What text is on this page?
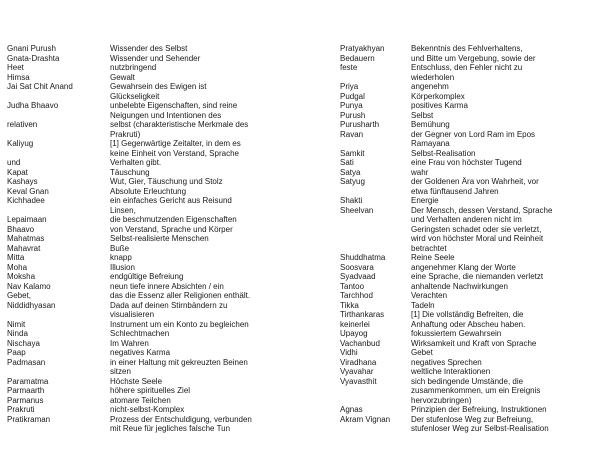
Gnani Purush	Wissender des Selbst
Gnata-Drashta	Wissender und Sehender
Heet	nutzbringend
Himsa	Gewalt
Jai Sat Chit Anand	Gewahrsein des Ewigen ist
Glückseligkeit
Judha Bhaavo	unbelebte Eigenschaften, sind reine
Neigungen und Intentionen des
relativen	selbst (charakteristische Merkmale des
Prakruti)
Kaliyug	[1] Gegenwärtige Zeitalter, in dem es
keine Einheit von Verstand, Sprache
und	Verhalten gibt.
Kapat	Täuschung
Kashays	Wut, Gier, Täuschung und Stolz
Keval Gnan	Absolute Erleuchtung
Kichhadee	ein einfaches Gericht aus Reisund
Linsen,
Lepaimaan	die beschmutzenden Eigenschaften
Bhaavo	von Verstand, Sprache und Körper
Mahatmas	Selbst-realisierte Menschen
Mahavrat	Buße
Mitta	knapp
Moha	Illusion
Moksha	endgültige Befreiung
Nav Kalamo	neun tiefe innere Absichten / ein
Gebet,	das die Essenz aller Religionen enthält.
Niddidhyasan	Dada auf deinen Stirnbändern zu
visualisieren
Nimit	Instrument um ein Konto zu begleichen
Ninda	Schlechtmachen
Nischaya	Im Wahren
Paap	negatives Karma
Padmasan	in einer Haltung mit gekreuzten Beinen
sitzen
Paramatma	Höchste Seele
Parmaarth	höhere spirituelles Ziel
Parmanus	atomare Teilchen
Prakruti	nicht-selbst-Komplex
Pratikraman	Prozess der Entschuldigung, verbunden
mit Reue für jegliches falsche Tun
Pratyakhyan	Bekenntnis des Fehlverhaltens,
Bedauern	und Bitte um Vergebung, sowie der
feste	Entschluss, den Fehler nicht zu
wiederholen
Priya	angenehm
Pudgal	Körperkomplex
Punya	positives Karma
Purush	Selbst
Purusharth	Bemühung
Ravan	der Gegner von Lord Ram im Epos
Ramayana
Samkit	Selbst-Realisation
Sati	eine Frau von höchster Tugend
Satya	wahr
Satyug	der Goldenen Ära von Wahrheit, vor
etwa fünftausend Jahren
Shakti	Energie
Sheelvan	Der Mensch, dessen Verstand, Sprache
und Verhalten anderen nicht im
Geringsten schadet oder sie verletzt,
wird von höchster Moral und Reinheit
betrachtet
Shuddhatma	Reine Seele
Soosvara	angenehmer Klang der Worte
Syadvaad	eine Sprache, die niemanden verletzt
Tantoo	anhaltende Nachwirkungen
Tarchhod	Verachten
Tikka	Tadeln
Tirthankaras	[1] Die vollständig Befreiten, die
keinerlei	Anhaftung oder Abscheu haben.
Upayog	fokussiertem Gewahrsein
Vachanbud	Wirksamkeit und Kraft von Sprache
Vidhi	Gebet
Viradhana	negatives Sprechen
Vyavahar	weltliche Interaktionen
Vyavasthit	sich bedingende Umstände, die
zusammenkommen, um ein Ereignis
hervorzubringen)
Agnas	Prinzipien der Befreiung, Instruktionen
Akram Vignan	Der stufenlose Weg zur Befreiung,
stufenloser Weg zur Selbst-Realisation
